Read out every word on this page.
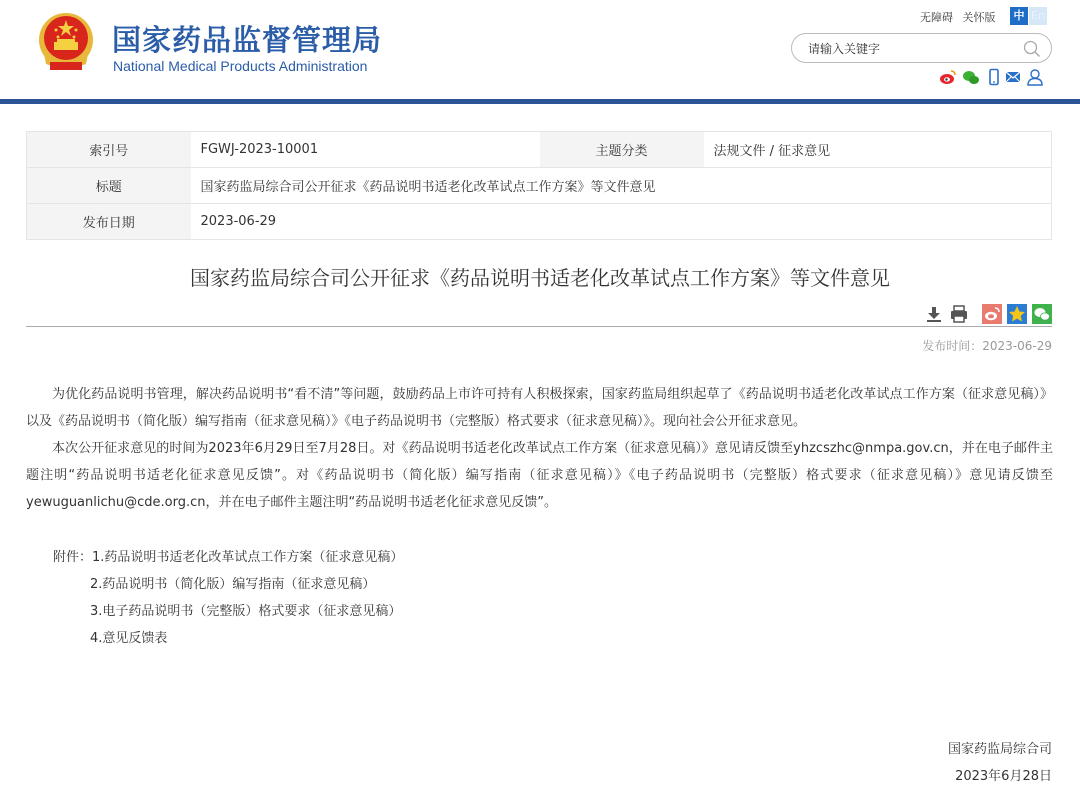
国家药品监督管理局
National Medical Products Administration
无障碍 关怀版	中 En
请输入关键字
索引号	FGWJ-2023-10001	主题分类	法规文件 / 征求意见
标题	国家药监局综合司公开征求《药品说明书适老化改革试点工作方案》等文件意见		
发布日期	2023-06-29		
国家药监局综合司公开征求《药品说明书适老化改革试点工作方案》等文件意见
发布时间：2023-06-29

为优化药品说明书管理，解决药品说明书“看不清”等问题，鼓励药品上市许可持有人积极探索，国家药监局组织起草了《药品说明书适老化改革试点工作方案（征求意见稿）》以及《药品说明书（简化版）编写指南（征求意见稿）》《电子药品说明书（完整版）格式要求（征求意见稿）》。现向社会公开征求意见。

本次公开征求意见的时间为2023年6月29日至7月28日。对《药品说明书适老化改革试点工作方案（征求意见稿）》意见请反馈至yhzcszhc@nmpa.gov.cn，并在电子邮件主题注明“药品说明书适老化征求意见反馈”。对《药品说明书（简化版）编写指南（征求意见稿）》《电子药品说明书（完整版）格式要求（征求意见稿）》意见请反馈至yewuguanlichu@cde.org.cn，并在电子邮件主题注明“药品说明书适老化征求意见反馈”。

附件：1.药品说明书适老化改革试点工作方案（征求意见稿）
2.药品说明书（简化版）编写指南（征求意见稿）
3.电子药品说明书（完整版）格式要求（征求意见稿）
4.意见反馈表
国家药监局综合司
2023年6月28日
